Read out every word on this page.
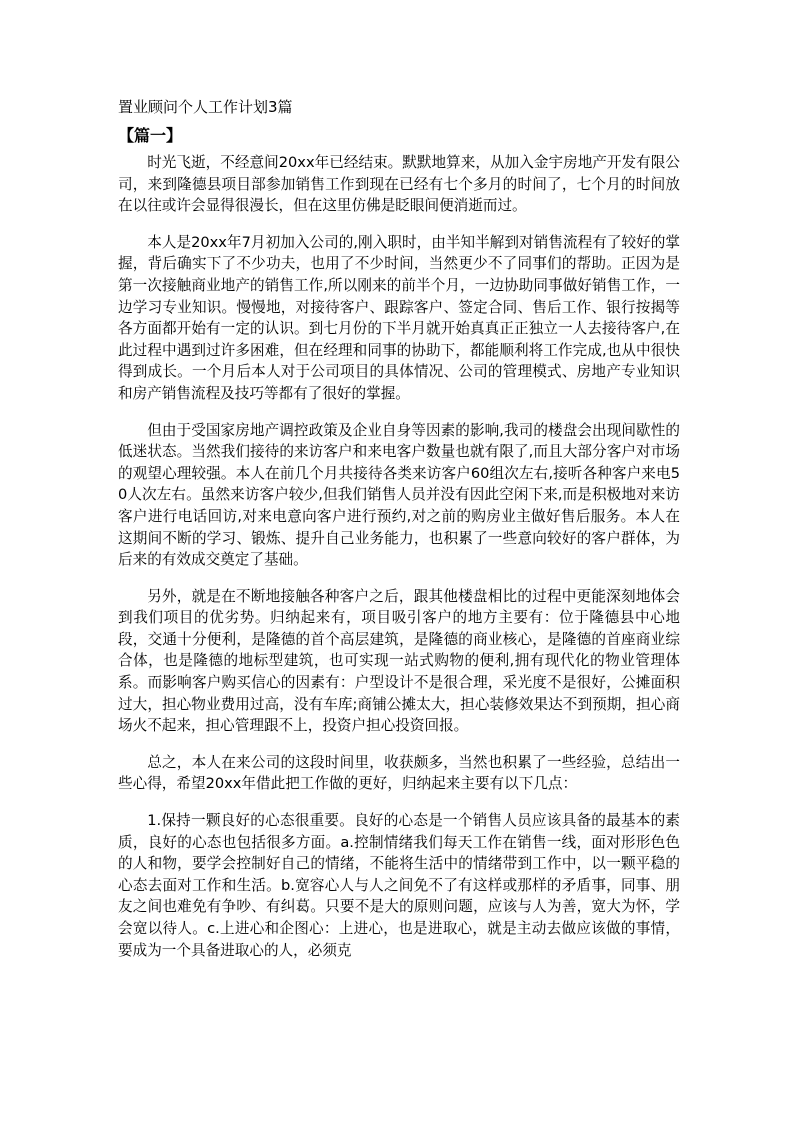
置业顾问个人工作计划3篇
【篇一】

时光飞逝，不经意间20xx年已经结束。默默地算来，从加入金宇房地产开发有限公司，来到隆德县项目部参加销售工作到现在已经有七个多月的时间了，七个月的时间放在以往或许会显得很漫长，但在这里仿佛是眨眼间便消逝而过。

本人是20xx年7月初加入公司的,刚入职时，由半知半解到对销售流程有了较好的掌握，背后确实下了不少功夫，也用了不少时间，当然更少不了同事们的帮助。正因为是第一次接触商业地产的销售工作,所以刚来的前半个月，一边协助同事做好销售工作，一边学习专业知识。慢慢地，对接待客户、跟踪客户、签定合同、售后工作、银行按揭等各方面都开始有一定的认识。到七月份的下半月就开始真真正正独立一人去接待客户,在此过程中遇到过许多困难，但在经理和同事的协助下，都能顺利将工作完成,也从中很快得到成长。一个月后本人对于公司项目的具体情况、公司的管理模式、房地产专业知识和房产销售流程及技巧等都有了很好的掌握。

但由于受国家房地产调控政策及企业自身等因素的影响,我司的楼盘会出现间歇性的低迷状态。当然我们接待的来访客户和来电客户数量也就有限了,而且大部分客户对市场的观望心理较强。本人在前几个月共接待各类来访客户60组次左右,接听各种客户来电50人次左右。虽然来访客户较少,但我们销售人员并没有因此空闲下来,而是积极地对来访客户进行电话回访,对来电意向客户进行预约,对之前的购房业主做好售后服务。本人在这期间不断的学习、锻炼、提升自己业务能力，也积累了一些意向较好的客户群体，为后来的有效成交奠定了基础。

另外，就是在不断地接触各种客户之后，跟其他楼盘相比的过程中更能深刻地体会到我们项目的优劣势。归纳起来有，项目吸引客户的地方主要有：位于隆德县中心地段，交通十分便利，是隆德的首个高层建筑，是隆德的商业核心，是隆德的首座商业综合体，也是隆德的地标型建筑，也可实现一站式购物的便利,拥有现代化的物业管理体系。而影响客户购买信心的因素有：户型设计不是很合理，采光度不是很好，公摊面积过大，担心物业费用过高，没有车库;商铺公摊太大，担心装修效果达不到预期，担心商场火不起来，担心管理跟不上，投资户担心投资回报。

总之，本人在来公司的这段时间里，收获颇多，当然也积累了一些经验，总结出一些心得，希望20xx年借此把工作做的更好，归纳起来主要有以下几点：

1.保持一颗良好的心态很重要。良好的心态是一个销售人员应该具备的最基本的素质，良好的心态也包括很多方面。a.控制情绪我们每天工作在销售一线，面对形形色色的人和物，要学会控制好自己的情绪，不能将生活中的情绪带到工作中，以一颗平稳的心态去面对工作和生活。b.宽容心人与人之间免不了有这样或那样的矛盾事，同事、朋友之间也难免有争吵、有纠葛。只要不是大的原则问题，应该与人为善，宽大为怀，学会宽以待人。c.上进心和企图心：上进心，也是进取心，就是主动去做应该做的事情，要成为一个具备进取心的人，必须克
